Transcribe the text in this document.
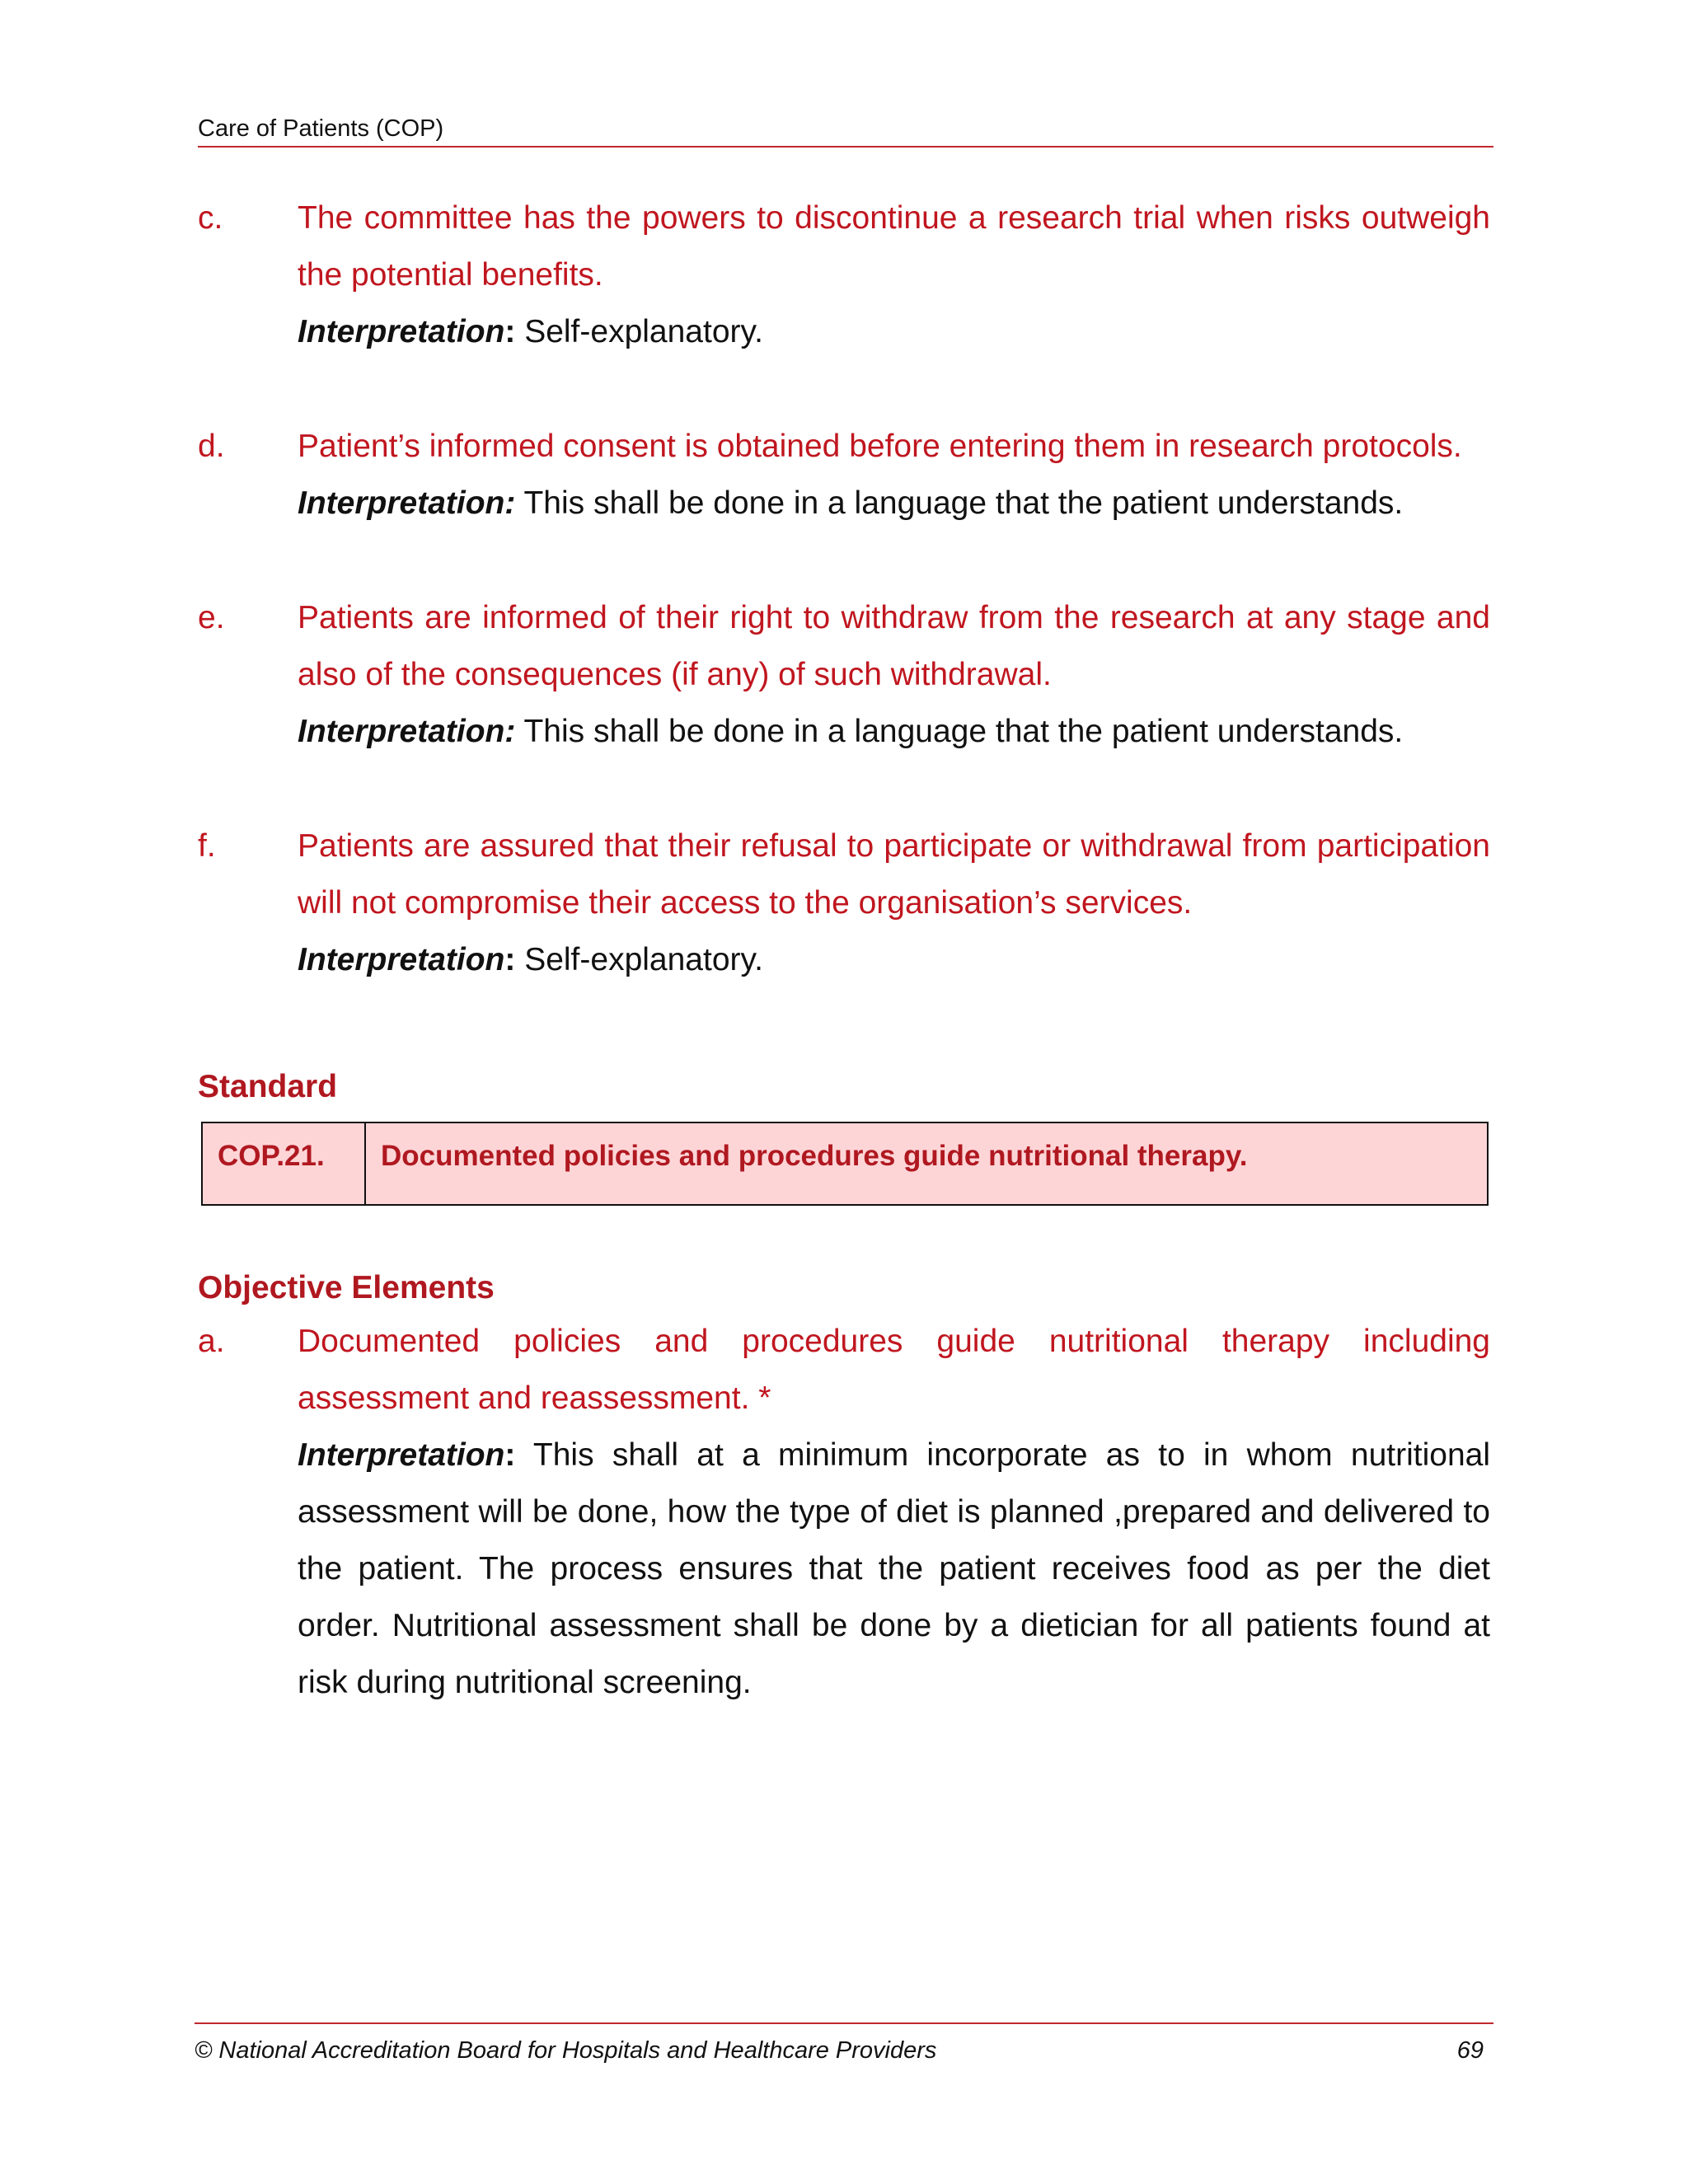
Care of Patients (COP)
c.	The committee has the powers to discontinue a research trial when risks outweigh the potential benefits.
Interpretation: Self-explanatory.
d.	Patient’s informed consent is obtained before entering them in research protocols.
Interpretation: This shall be done in a language that the patient understands.
e.	Patients are informed of their right to withdraw from the research at any stage and also of the consequences (if any) of such withdrawal.
Interpretation: This shall be done in a language that the patient understands.
f.	Patients are assured that their refusal to participate or withdrawal from participation will not compromise their access to the organisation’s services.
Interpretation: Self-explanatory.
Standard
COP.21.	Documented policies and procedures guide nutritional therapy.
Objective Elements
a.	Documented policies and procedures guide nutritional therapy including assessment and reassessment. *
Interpretation: This shall at a minimum incorporate as to in whom nutritional assessment will be done, how the type of diet is planned ,prepared and delivered to the patient. The process ensures that the patient receives food as per the diet order. Nutritional assessment shall be done by a dietician for all patients found at risk during nutritional screening.
© National Accreditation Board for Hospitals and Healthcare Providers	69
